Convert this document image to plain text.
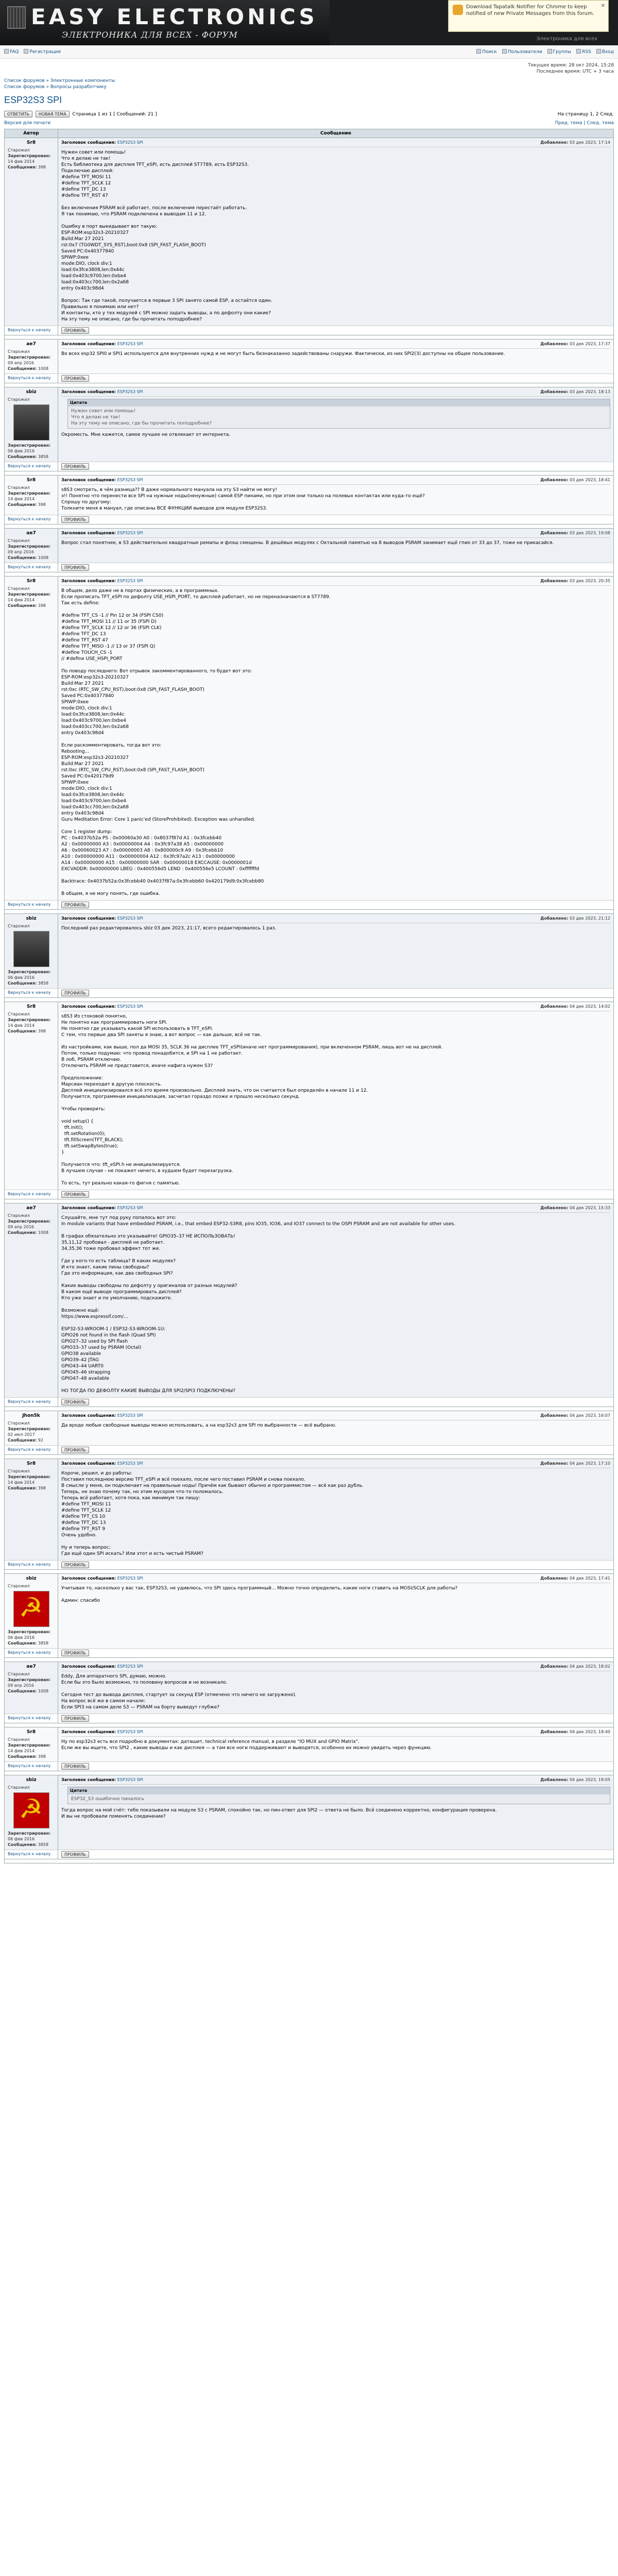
EASY ELECTRONICS
ЭЛЕКТРОНИКА ДЛЯ ВСЕХ - ФОРУМ
Download Tapatalk Notifier for Chrome to keep notified of new Private Messages from this forum.
✕
Электроника для всех
FAQ	Регистрация	Поиск	Пользователи	Группы	RSS	Вход
Текущее время: 28 окт 2024, 15:28
Последнее время: UTC + 3 часа
Список форумов » Электронные компоненты
Список форумов » Вопросы разработчику
ESP32S3 SPI
ОТВЕТИТЬ НОВАЯ ТЕМА Страница 1 из 1 [ Сообщений: 21 ]	На страницу 1, 2 След.
Версия для печати	Пред. тема | След. тема
Автор	Сообщение
Sr8
Старожил
Зарегистрирован: 14 фев 2014
Сообщения: 398
Заголовок сообщения: ESP32S3 SPI	Добавлено: 03 дек 2023, 17:14

Нужен совет или помощь!
Что я делаю не так!
Есть библиотека для дисплея TFT_eSPI, есть дисплей ST7789, есть ESP32S3.
Подключаю дисплей:
#define TFT_MOSI 11
#define TFT_SCLK 12
#define TFT_DC 13
#define TFT_RST 47

Без включения PSRAM всё работает, после включения перестаёт работать.
Я так понимаю, что PSRAM подключена к выводам 11 и 12.

Ошибку в порт выкидывает вот такую:
ESP-ROM:esp32s3-20210327
Build:Mar 27 2021
rst:0x7 (TG0WDT_SYS_RST),boot:0x8 (SPI_FAST_FLASH_BOOT)
Saved PC:0x40377840
SPIWP:0xee
mode:DIO, clock div:1
load:0x3fce3808,len:0x44c
load:0x403c9700,len:0xbe4
load:0x403cc700,len:0x2a68
entry 0x403c98d4

Вопрос: Так где такой, получается в первые 3 SPI занято самой ESP, а остаётся один.
Правильно я понимаю или нет?
И контакты, кто у тех модулей с SPI можно задать выводы, а по дефолту они какие?
На эту тему не описано, где бы прочитать поподробнее?

Вернуться к началу	ПРОФИЛЬ
ae7
Старожил
Зарегистрирован: 09 апр 2016
Сообщения: 1008
Заголовок сообщения: ESP32S3 SPI	Добавлено: 03 дек 2023, 17:37

Во всех esp32 SPI0 и SPI1 используются для внутренних нужд и не могут быть безнаказанно задействованы снаружи. Фактически, из них SPI2(3) доступны на общее пользование.

Вернуться к началу	ПРОФИЛЬ
sbiz
Старожил
Зарегистрирован: 06 фев 2016
Сообщения: 3858
Заголовок сообщения: ESP32S3 SPI	Добавлено: 03 дек 2023, 18:13
Цитата
Нужен совет или помощь!
Что я делаю не так!
На эту тему не описано, где бы прочитать поподробнее?

Окроместь. Мне кажется, самое лучшее не отвлекает от интернета.

Вернуться к началу	ПРОФИЛЬ
Sr8
Старожил
Зарегистрирован: 14 фев 2014
Сообщения: 398
Заголовок сообщения: ESP32S3 SPI	Добавлено: 03 дек 2023, 18:41

s8S3 смотреть, в чём разница?? В даже нормального мануала на эту S3 найти не могу!
э!! Понятно что перенести все SPI на нужные ноды(ненужные) самой ESP пинами, но при этом они только на полевых контактах или куда-то ещё?
Спрошу по другому:
Толкните меня в мануал, где описаны ВСЕ ФУНКЦИИ выводов для модуля ESP32S3.

Вернуться к началу	ПРОФИЛЬ
ae7
Старожил
Зарегистрирован: 09 апр 2016
Сообщения: 1008
Заголовок сообщения: ESP32S3 SPI	Добавлено: 03 дек 2023, 19:08

Вопрос стал понятнее, в S3 действительно квадратные ремапы и флэш смещены. В дешёвых модулях с Октальной памятью на 8 выводов PSRAM занимает ещё гпио от 33 до 37, тоже не прикасайся.

Вернуться к началу	ПРОФИЛЬ
Sr8
Старожил
Зарегистрирован: 14 фев 2014
Сообщения: 398
Заголовок сообщения: ESP32S3 SPI	Добавлено: 03 дек 2023, 20:35

В общем, дело даже не в портах физических, а в программных.
Если прописать TFT_eSPI по дефолту USE_HSPI_PORT, то дисплей работает, но не переназначаются в ST7789.
Так есть define:

#define TFT_CS -1 // Pin 12 or 34 (FSPI CS0)
#define TFT_MOSI 11 // 11 or 35 (FSPI D)
#define TFT_SCLK 12 // 12 or 36 (FSPI CLK)
#define TFT_DC 13
#define TFT_RST 47
#define TFT_MISO -1 // 13 or 37 (FSPI Q)
#define TOUCH_CS -1
// #define USE_HSPI_PORT

По поводу последнего: Вот отрывок закомментированного, то будет вот это:
ESP-ROM:esp32s3-20210327
Build:Mar 27 2021
rst:0xc (RTC_SW_CPU_RST),boot:0x8 (SPI_FAST_FLASH_BOOT)
Saved PC:0x40377840
SPIWP:0xee
mode:DIO, clock div:1
load:0x3fce3808,len:0x44c
load:0x403c9700,len:0xbe4
load:0x403cc700,len:0x2a68
entry 0x403c98d4

Если раскомментировать, тогда вот это:
Rebooting...
ESP-ROM:esp32s3-20210327
Build:Mar 27 2021
rst:0xc (RTC_SW_CPU_RST),boot:0x8 (SPI_FAST_FLASH_BOOT)
Saved PC:0x420179d9
SPIWP:0xee
mode:DIO, clock div:1
load:0x3fce3808,len:0x44c
load:0x403c9700,len:0xbe4
load:0x403cc700,len:0x2a68
entry 0x403c98d4
Guru Meditation Error: Core 1 panic'ed (StoreProhibited). Exception was unhandled.

Core 1 register dump:
PC : 0x4037b52a PS : 0x00060a30 A0 : 0x8037f87d A1 : 0x3fcebb40
A2 : 0x00000000 A3 : 0x00000004 A4 : 0x3fc97a38 A5 : 0x00000000
A6 : 0x00060023 A7 : 0x00000003 A8 : 0x800000c9 A9 : 0x3fcebb10
A10 : 0x00000000 A11 : 0x00000004 A12 : 0x3fc97a2c A13 : 0x00000000
A14 : 0x00000000 A15 : 0x00000000 SAR : 0x00000018 EXCCAUSE: 0x0000001d
EXCVADDR: 0x00000000 LBEG : 0x400556d5 LEND : 0x400556e5 LCOUNT : 0xfffffffd

Backtrace: 0x4037b52a:0x3fcebb40 0x4037f87a:0x3fcebb60 0x420179d9:0x3fcebb80

В общем, я не могу понять, где ошибка.

Вернуться к началу	ПРОФИЛЬ
sbiz
Старожил
Зарегистрирован: 06 фев 2016
Сообщения: 3858
Заголовок сообщения: ESP32S3 SPI	Добавлено: 03 дек 2023, 21:12

Последний раз редактировалось sbiz 03 дек 2023, 21:17, всего редактировалось 1 раз.

Вернуться к началу	ПРОФИЛЬ
Sr8
Старожил
Зарегистрирован: 14 фев 2014
Сообщения: 398
Заголовок сообщения: ESP32S3 SPI	Добавлено: 04 дек 2023, 14:02

s8S3 Из стоковой понятно,
Не понятно как программировать ноги SPI.
Не понятно где указывать какой SPI использовать в TFT_eSPI.
С тем, что первые два SPI заняты я знаю, а вот вопрос — как дальше, всё не так.

Из настройками, как выше, пол да MOSI 35, SCLK 36 на дисплее TFT_eSPI(иначе нет программирования), при включенном PSRAM, лишь вот не на дисплей.
Потом, только подумаю: что провод понадобится, и SPI на 1 не работает.
В лоб, PSRAM отключаю.
Отключить PSRAM не представится, иначе нафига нужен S3?

Предположение:
Марсиан переходит в другую плоскость.
Дисплей инициализировался всё это время произвольно. Дисплей знать, что он считается был определён в начале 11 и 12.
Получается, программная инициализация, засчитал гораздо позже и прошло несколько секунд.

Чтобы проверить:

void setup() {
tft.init();
tft.setRotation(0);
tft.fillScreen(TFT_BLACK);
tft.setSwapBytes(true);
}

Получается что: tft_eSPI.h не инициализируется.
В лучшем случае - не покажет ничего, в худшем будет перезагрузка.

То есть, тут реально какая-то фигня с памятью.

Вернуться к началу	ПРОФИЛЬ
ae7
Старожил
Зарегистрирован: 09 апр 2016
Сообщения: 1008
Заголовок сообщения: ESP32S3 SPI	Добавлено: 04 дек 2023, 15:33

Слушайте, мне тут под руку попалось вот это:
In module variants that have embedded PSRAM, i.e., that embed ESP32-S3R8, pins IO35, IO36, and IO37 connect to the OSPI PSRAM and are not available for other uses.

В графах обязательно это указывайте! GPIO35–37 НЕ ИСПОЛЬЗОВАТЬ!
35,11,12 пробовал - дисплей не работает.
34,35,36 тоже пробовал эффект тот же.

Где у кого-то есть таблица? В каких модулях?
И кто знает, какие пины свободны?
Где это информация, как два свободных SPI?

Какие выводы свободны по дефолту у оригиналов от разных модулей?
В каком ещё выводе программировать дисплей?
Кто уже знает и по умолчанию, подскажите.

Возможно ещё:
https://www.espressif.com/...

ESP32-S3-WROOM-1 / ESP32-S3-WROOM-1U:
GPIO26 not found in the flash (Quad SPI)
GPIO27–32 used by SPI flash
GPIO33–37 used by PSRAM (Octal)
GPIO38 available
GPIO39–42 JTAG
GPIO43–44 UART0
GPIO45–46 strapping
GPIO47–48 available

НО ТОГДА ПО ДЕФОЛТУ КАКИЕ ВЫВОДЫ ДЛЯ SPI2/SPI3 ПОДКЛЮЧЕНЫ?

Вернуться к началу	ПРОФИЛЬ
Jhon5k
Старожил
Зарегистрирован: 02 июл 2017
Сообщения: 92
Заголовок сообщения: ESP32S3 SPI	Добавлено: 04 дек 2023, 16:07

Да вроде любые свободные выводы можно использовать, а на esp32s3 для SPI по выбранности — всё выбрано.

Вернуться к началу	ПРОФИЛЬ
Sr8
Старожил
Зарегистрирован: 14 фев 2014
Сообщения: 398
Заголовок сообщения: ESP32S3 SPI	Добавлено: 04 дек 2023, 17:10

Короче, решил, и до работы:
Поставил последнюю версию TFT_eSPI и всё поехало, после чего поставил PSRAM и снова поехало.
В смысле у меня, он подключает на правильные ноды! Причём как бывают обычно и программистом — всё как раз дубль.
Теперь, не знаю почему так, но этим мусором что-то поломалось.
Теперь всё работает, хотя пока, как минимум так пишу:
#define TFT_MOSI 11
#define TFT_SCLK 12
#define TFT_CS 10
#define TFT_DC 13
#define TFT_RST 9
Очень удобно.

Ну и теперь вопрос:
Где ещё один SPI искать? Или этот и есть чистый PSRAM?

Вернуться к началу	ПРОФИЛЬ
sbiz
Старожил
☭
Зарегистрирован: 06 фев 2016
Сообщения: 3858
Заголовок сообщения: ESP32S3 SPI	Добавлено: 04 дек 2023, 17:41

Учитывая то, насколько у вас так, ESP32S3, не удивлюсь, что SPI здесь программный... Можно точно определить, какие ноги ставить на MOSI/SCLK для работы?

Админ: спасибо

Вернуться к началу	ПРОФИЛЬ
ae7
Старожил
Зарегистрирован: 09 апр 2016
Сообщения: 1008
Заголовок сообщения: ESP32S3 SPI	Добавлено: 04 дек 2023, 18:02

Eddy, Для аппаратного SPI, думаю, можно.
Если бы это было возможно, то половину вопросов и не возникало.

Сегодня тест до вывода дисплея, стартует за секунд ESP (отмечено что ничего не загружено).
На вопрос всё же в самом начале:
Если SPI3 на самом деле S3 — PSRAM на борту выведут глубже?

Вернуться к началу	ПРОФИЛЬ
Sr8
Старожил
Зарегистрирован: 14 фев 2014
Сообщения: 398
Заголовок сообщения: ESP32S3 SPI	Добавлено: 04 дек 2023, 18:40

Ну по esp32s3 есть все подробно в документах: даташит, technical reference manual, в разделе "IO MUX and GPIO Matrix".
Если же вы ищете, что SPI2 , какие выводы и как дисплея — а там все ноги поддерживают и выводятся, особенно их можно увидеть через функцию.

Вернуться к началу	ПРОФИЛЬ
sbiz
Старожил
☭
Зарегистрирован: 06 фев 2016
Сообщения: 3858
Заголовок сообщения: ESP32S3 SPI	Добавлено: 04 дек 2023, 19:05
Цитата
ESP32_S3 ошибочно пиналось

Тогда вопрос на мой счёт: тебе показывали на модуле S3 с PSRAM, спокойно так, но пин-ответ для SPI2 — ответа не было. Всё соединено корректно, конфигурация проверена.
И вы не пробовали поменять соединение?

Вернуться к началу	ПРОФИЛЬ
